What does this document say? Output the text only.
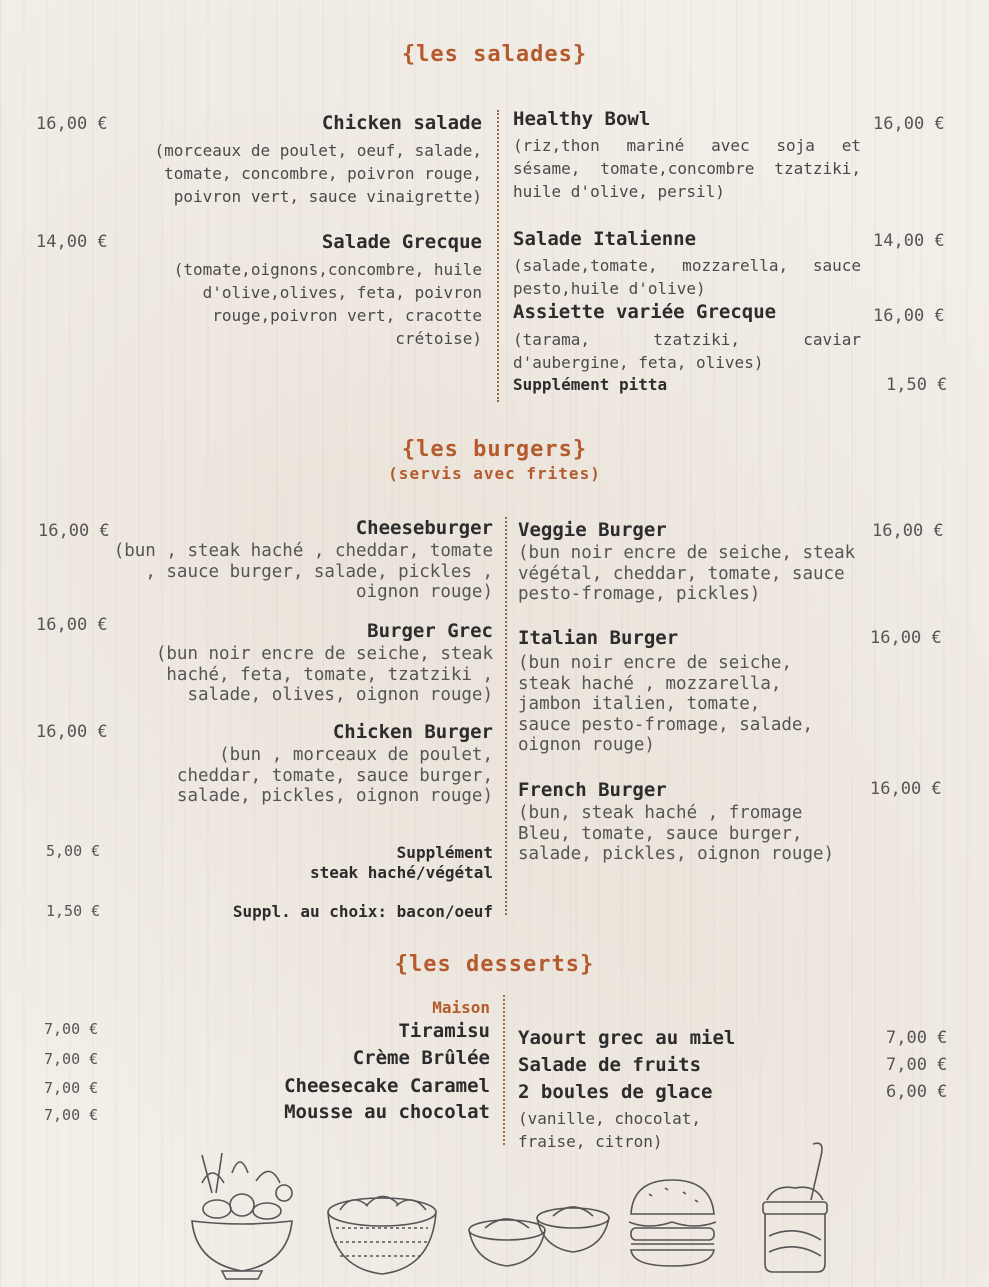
{les salades}
16,00 €	Chicken salade
(morceaux de poulet, oeuf, salade, tomate, concombre, poivron rouge, poivron vert, sauce vinaigrette)
14,00 €	Salade Grecque
(tomate,oignons,concombre, huile d'olive,olives, feta, poivron rouge,poivron vert, cracotte crétoise)
Healthy Bowl	16,00 €
(riz,thon mariné avec soja et sésame, tomate,concombre tzatziki, huile d'olive, persil)
Salade Italienne	14,00 €
(salade,tomate, mozzarella, sauce pesto,huile d'olive)
Assiette variée Grecque	16,00 €
(tarama, tzatziki, caviar d'aubergine, feta, olives)
Supplément pitta	1,50 €
{les burgers}
(servis avec frites)
16,00 €	Cheeseburger
(bun , steak haché , cheddar, tomate , sauce burger, salade, pickles , oignon rouge)
16,00 €	Burger Grec
(bun noir encre de seiche, steak haché, feta, tomate, tzatziki , salade, olives, oignon rouge)
16,00 €	Chicken Burger
(bun , morceaux de poulet, cheddar, tomate, sauce burger, salade, pickles, oignon rouge)
5,00 €	Supplément
steak haché/végétal
1,50 €	Suppl. au choix: bacon/oeuf
Veggie Burger	16,00 €
(bun noir encre de seiche, steak végétal, cheddar, tomate, sauce pesto-fromage, pickles)
Italian Burger	16,00 €
(bun noir encre de seiche, steak haché , mozzarella, jambon italien, tomate, sauce pesto-fromage, salade, oignon rouge)
French Burger	16,00 €
(bun, steak haché , fromage Bleu, tomate, sauce burger, salade, pickles, oignon rouge)
{les desserts}
Maison
7,00 €	Tiramisu
7,00 €	Crème Brûlée
7,00 €	Cheesecake Caramel
7,00 €	Mousse au chocolat
Yaourt grec au miel	7,00 €
Salade de fruits	7,00 €
2 boules de glace	6,00 €
(vanille, chocolat, fraise, citron)
